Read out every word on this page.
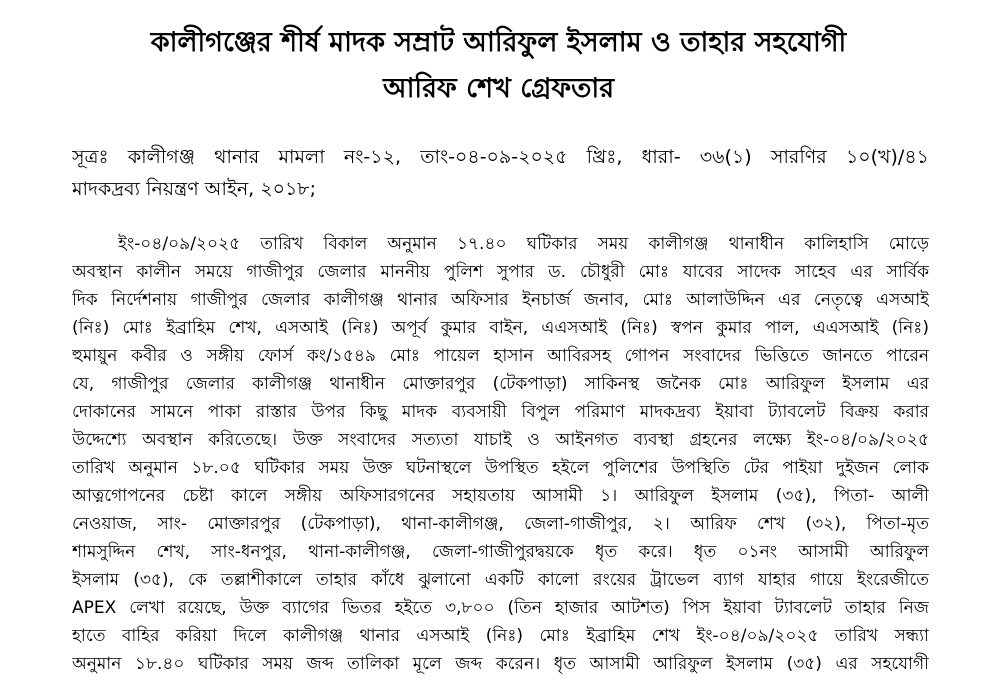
কালীগঞ্জের শীর্ষ মাদক সম্রাট আরিফুল ইসলাম ও তাহার সহযোগী
আরিফ শেখ গ্রেফতার
সূত্রঃ কালীগঞ্জ থানার মামলা নং-১২, তাং-০৪-০৯-২০২৫ খ্রিঃ, ধারা- ৩৬(১) সারণির ১০(খ)/৪১
মাদকদ্রব্য নিয়ন্ত্রণ আইন, ২০১৮;
ইং-০৪/০৯/২০২৫ তারিখ বিকাল অনুমান ১৭.৪০ ঘটিকার সময় কালীগঞ্জ থানাধীন কালিহাসি মোড়ে
অবস্থান কালীন সময়ে গাজীপুর জেলার মাননীয় পুলিশ সুপার ড. চৌধুরী মোঃ যাবের সাদেক সাহেব এর সার্বিক
দিক নির্দেশনায় গাজীপুর জেলার কালীগঞ্জ থানার অফিসার ইনচার্জ জনাব, মোঃ আলাউদ্দিন এর নেতৃত্বে এসআই
(নিঃ) মোঃ ইব্রাহিম শেখ, এসআই (নিঃ) অপূর্ব কুমার বাইন, এএসআই (নিঃ) স্বপন কুমার পাল, এএসআই (নিঃ)
হুমায়ুন কবীর ও সঙ্গীয় ফোর্স কং/১৫৪৯ মোঃ পায়েল হাসান আবিরসহ গোপন সংবাদের ভিত্তিতে জানতে পারেন
যে, গাজীপুর জেলার কালীগঞ্জ থানাধীন মোক্তারপুর (টেকপাড়া) সাকিনস্থ জনৈক মোঃ আরিফুল ইসলাম এর
দোকানের সামনে পাকা রাস্তার উপর কিছু মাদক ব্যবসায়ী বিপুল পরিমাণ মাদকদ্রব্য ইয়াবা ট্যাবলেট বিক্রয় করার
উদ্দেশ্যে অবস্থান করিতেছে। উক্ত সংবাদের সত্যতা যাচাই ও আইনগত ব্যবস্থা গ্রহনের লক্ষ্যে ইং-০৪/০৯/২০২৫
তারিখ অনুমান ১৮.০৫ ঘটিকার সময় উক্ত ঘটনাস্থলে উপস্থিত হইলে পুলিশের উপস্থিতি টের পাইয়া দুইজন লোক
আত্নগোপনের চেষ্টা কালে সঙ্গীয় অফিসারগনের সহায়তায় আসামী ১। আরিফুল ইসলাম (৩৫), পিতা- আলী
নেওয়াজ, সাং- মোক্তারপুর (টেকপাড়া), থানা-কালীগঞ্জ, জেলা-গাজীপুর, ২। আরিফ শেখ (৩২), পিতা-মৃত
শামসুদ্দিন শেখ, সাং-ধনপুর, থানা-কালীগঞ্জ, জেলা-গাজীপুরদ্বয়কে ধৃত করে। ধৃত ০১নং আসামী আরিফুল
ইসলাম (৩৫), কে তল্লাশীকালে তাহার কাঁধে ঝুলানো একটি কালো রংয়ের ট্রাভেল ব্যাগ যাহার গায়ে ইংরেজীতে
APEX লেখা রয়েছে, উক্ত ব্যাগের ভিতর হইতে ৩,৮০০ (তিন হাজার আটশত) পিস ইয়াবা ট্যাবলেট তাহার নিজ
হাতে বাহির করিয়া দিলে কালীগঞ্জ থানার এসআই (নিঃ) মোঃ ইব্রাহিম শেখ ইং-০৪/০৯/২০২৫ তারিখ সন্ধ্যা
অনুমান ১৮.৪০ ঘটিকার সময় জব্দ তালিকা মূলে জব্দ করেন। ধৃত আসামী আরিফুল ইসলাম (৩৫) এর সহযোগী
